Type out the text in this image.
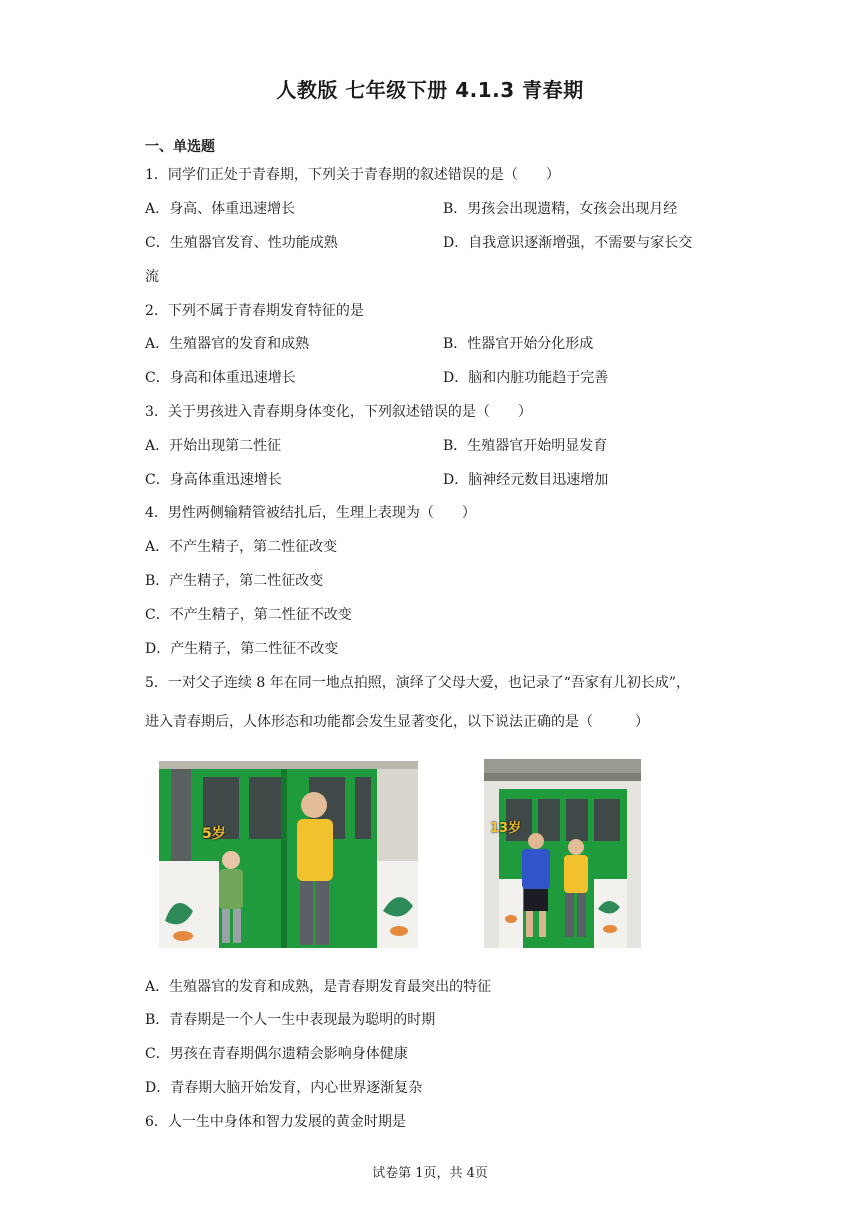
人教版 七年级下册 4.1.3 青春期
一、单选题
1．同学们正处于青春期，下列关于青春期的叙述错误的是（　　）
A．身高、体重迅速增长	B．男孩会出现遗精，女孩会出现月经
C．生殖器官发育、性功能成熟	D．自我意识逐渐增强，不需要与家长交
流
2．下列不属于青春期发育特征的是
A．生殖器官的发育和成熟	B．性器官开始分化形成
C．身高和体重迅速增长	D．脑和内脏功能趋于完善
3．关于男孩进入青春期身体变化，下列叙述错误的是（　　）
A．开始出现第二性征	B．生殖器官开始明显发育
C．身高体重迅速增长	D．脑神经元数目迅速增加
4．男性两侧输精管被结扎后，生理上表现为（　　）
A．不产生精子，第二性征改变
B．产生精子，第二性征改变
C．不产生精子，第二性征不改变
D．产生精子，第二性征不改变
5．一对父子连续 8 年在同一地点拍照，演绎了父母大爱，也记录了“吾家有儿初长成”，
进入青春期后，人体形态和功能都会发生显著变化，以下说法正确的是（　　　）
5岁	13岁
A．生殖器官的发育和成熟，是青春期发育最突出的特征
B．青春期是一个人一生中表现最为聪明的时期
C．男孩在青春期偶尔遗精会影响身体健康
D．青春期大脑开始发育，内心世界逐渐复杂
6．人一生中身体和智力发展的黄金时期是
试卷第 1页，共 4页
